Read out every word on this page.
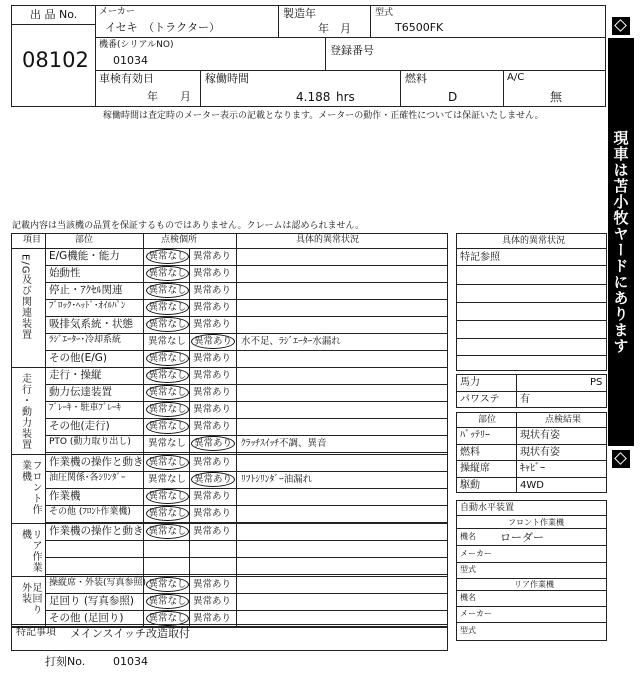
出 品 No.
08102
メーカー
イセキ　（トラクター）
製造年
年　月
型式
T6500FK
機番(シリアルNO)
01034
登録番号
車検有効日
年　　月
稼働時間
4.188 hrs
燃料
D
A/C
無
稼働時間は査定時のメーター表示の記載となります。メーターの動作・正確性については保証いたしません。
現車は苫小牧ヤードにあります
記載内容は当該機の品質を保証するものではありません。クレームは認められません。
項目	部位	点検個所	具体的異常状況
E/G機能・能力	異常なし 異常あり
始動性	異常なし 異常あり
停止・ｱｸｾﾙ関連	異常なし 異常あり
ﾌﾞﾛｯｸ･ﾍｯﾄﾞ･ｵｲﾙﾊﾟﾝ 異常なし 異常あり
吸排気系統・状態 異常なし 異常あり
ﾗｼﾞｴｰﾀｰ･冷却系統	異常なし 異常あり 水不足、ﾗｼﾞｴｰﾀｰ水漏れ
その他(E/G)	異常なし 異常あり
E/G及び関連装置
走行・操縦	異常なし 異常あり
動力伝達装置	異常なし 異常あり
ﾌﾞﾚｰｷ・駐車ﾌﾞﾚｰｷ	異常なし 異常あり
その他(走行)	異常なし 異常あり
PTO (動力取り出し) 異常なし 異常あり ｸﾗｯﾁｽｲｯﾁ不調、異音
走行・動力装置
作業機の操作と動き 異常なし 異常あり
油圧関係･各ｼﾘﾝﾀﾞｰ 異常なし 異常あり ﾘﾌﾄｼﾘﾝﾀﾞｰ油漏れ
作業機	異常なし 異常あり
その他 (ﾌﾛﾝﾄ作業機) 異常なし 異常あり
フロント作業機
作業機の操作と動き 異常なし 異常あり
リア作業機
操縦席・外装(写真参照) 異常なし 異常あり
足回り (写真参照) 異常なし 異常あり
その他 (足回り)	異常なし 異常あり
足回り外装
特記事項 メインスイッチ改造取付
打刻No.	01034
具体的異常状況
特記参照
馬力	PS
パワステ 有
部位	点検結果
ﾊﾞｯﾃﾘｰ	現状有姿
燃料	現状有姿
操縦席	ｷｬﾋﾞｰ
駆動	4WD
自動水平装置
フロント作業機
機名 ローダー
メーカー
型式
リア作業機
機名
メーカー
型式
